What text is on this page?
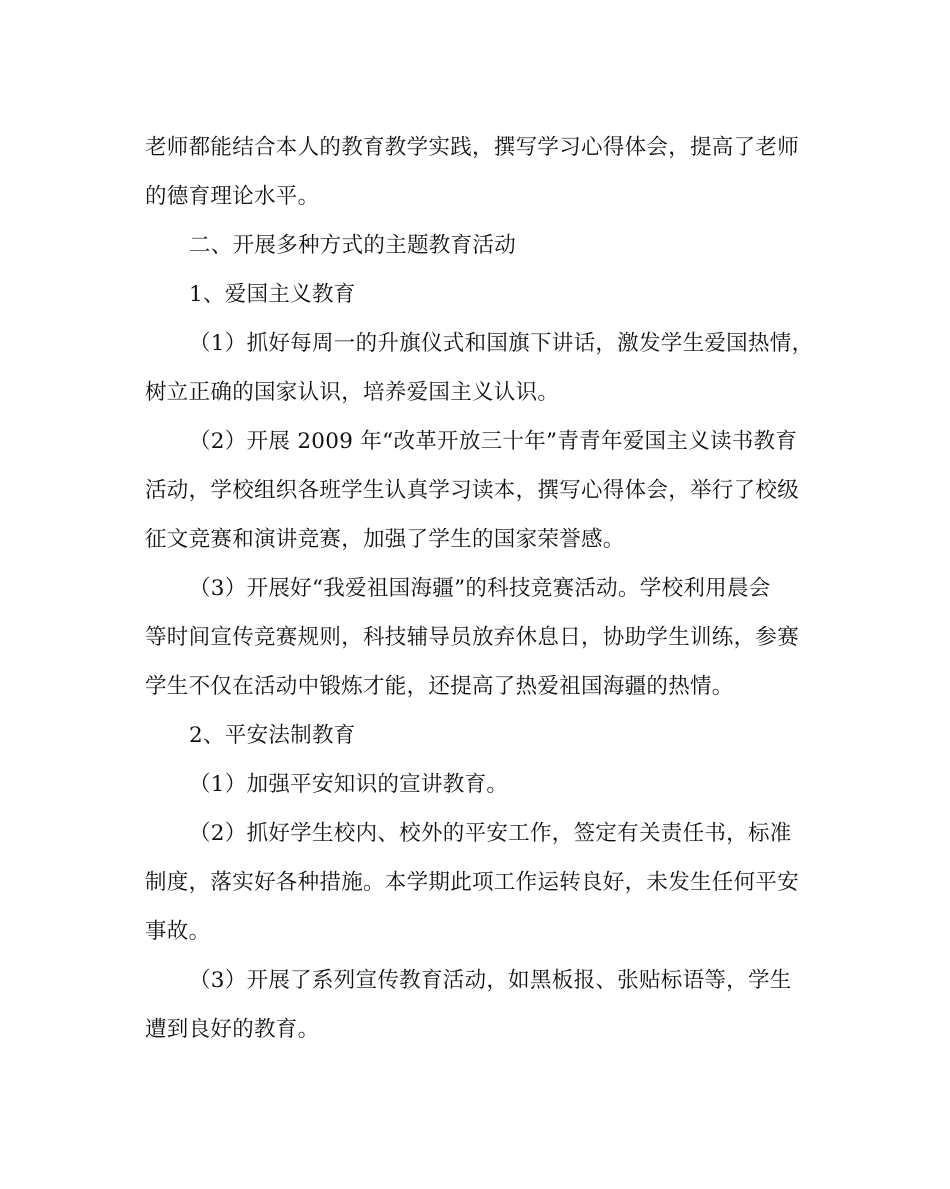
老师都能结合本人的教育教学实践，撰写学习心得体会，提高了老师

的德育理论水平。

二、开展多种方式的主题教育活动

1、爱国主义教育

（1）抓好每周一的升旗仪式和国旗下讲话，激发学生爱国热情，

树立正确的国家认识，培养爱国主义认识。

（2）开展 2009 年“改革开放三十年”青青年爱国主义读书教育

活动，学校组织各班学生认真学习读本，撰写心得体会，举行了校级

征文竞赛和演讲竞赛，加强了学生的国家荣誉感。

（3）开展好“我爱祖国海疆”的科技竞赛活动。学校利用晨会

等时间宣传竞赛规则，科技辅导员放弃休息日，协助学生训练，参赛

学生不仅在活动中锻炼才能，还提高了热爱祖国海疆的热情。

2、平安法制教育

（1）加强平安知识的宣讲教育。

（2）抓好学生校内、校外的平安工作，签定有关责任书，标准

制度，落实好各种措施。本学期此项工作运转良好，未发生任何平安

事故。

（3）开展了系列宣传教育活动，如黑板报、张贴标语等，学生

遭到良好的教育。
